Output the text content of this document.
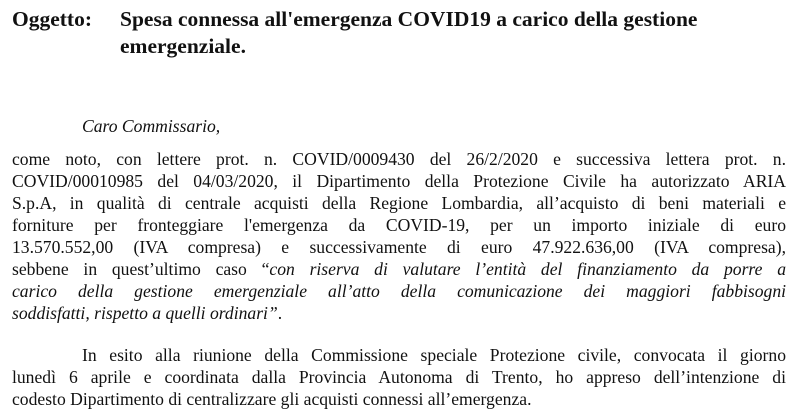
Oggetto:	Spesa connessa all'emergenza COVID19 a carico della gestione
emergenziale.
Caro Commissario,
come noto, con lettere prot. n. COVID/0009430 del 26/2/2020 e successiva lettera prot. n.
COVID/00010985 del 04/03/2020, il Dipartimento della Protezione Civile ha autorizzato ARIA
S.p.A, in qualità di centrale acquisti della Regione Lombardia, all’acquisto di beni materiali e
forniture per fronteggiare l'emergenza da COVID-19, per un importo iniziale di euro
13.570.552,00 (IVA compresa) e successivamente di euro 47.922.636,00 (IVA compresa),
sebbene in quest’ultimo caso “con riserva di valutare l’entità del finanziamento da porre a
carico della gestione emergenziale all’atto della comunicazione dei maggiori fabbisogni
soddisfatti, rispetto a quelli ordinari”.
In esito alla riunione della Commissione speciale Protezione civile, convocata il giorno
lunedì 6 aprile e coordinata dalla Provincia Autonoma di Trento, ho appreso dell’intenzione di
codesto Dipartimento di centralizzare gli acquisti connessi all’emergenza.
